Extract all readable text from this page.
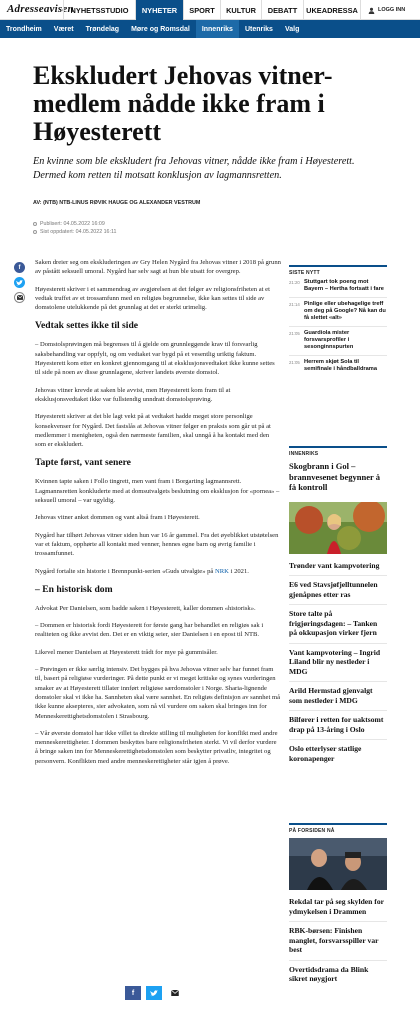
Adresseavisen
NYHETSSTUDIO	NYHETER	SPORT	KULTUR	DEBATT	UKEADRESSA	LOGG INN
Trondheim	Været	Trøndelag	Møre og Romsdal	Innenriks	Utenriks	Valg
Ekskludert Jehovas vitner-medlem nådde ikke fram i Høyesterett
En kvinne som ble ekskludert fra Jehovas vitner, nådde ikke fram i Høyesterett. Dermed kom retten til motsatt konklusjon av lagmannsretten.
AV: (NTB) NTB-LINUS RØVIK HAUGE OG ALEXANDER VESTRUM
Publisert: 04.05.2022 16:09
Sist oppdatert: 04.05.2022 16:11
f

Saken dreier seg om ekskluderingen av Gry Helen Nygård fra Jehovas vitner i 2018 på grunn av påstått seksuell umoral. Nygård har selv sagt at hun ble utsatt for overgrep.

Høyesterett skriver i et sammendrag av avgjørelsen at det følger av religionsfriheten at et vedtak truffet av et trossamfunn med en religiøs begrunnelse, ikke kan settes til side av domstolene utelukkende på det grunnlag at det er sterkt urimelig.

Vedtak settes ikke til side

– Domstolsprøvingen må begrenses til å gjelde om grunnleggende krav til forsvarlig saksbehandling var oppfylt, og om vedtaket var bygd på et vesentlig uriktig faktum. Høyesterett kom etter en konkret gjennomgang til at eksklusjonsvedtaket ikke kunne settes til side på noen av disse grunnlagene, skriver landets øverste domstol.

Jehovas vitner krevde at saken ble avvist, men Høyesterett kom fram til at eksklusjonsvedtaket ikke var fullstendig unndratt domstolsprøving.

Høyesterett skriver at det ble lagt vekt på at vedtaket hadde meget store personlige konsekvenser for Nygård. Det fastslås at Jehovas vitner følger en praksis som går ut på at medlemmer i menigheten, også den nærmeste familien, skal unngå å ha kontakt med den som er ekskludert.

Tapte først, vant senere

Kvinnen tapte saken i Follo tingrett, men vant fram i Borgarting lagmannsrett. Lagmannsretten konkluderte med at domsutvalgets beslutning om eksklusjon for «pornea» – seksuell umoral – var ugyldig.

Jehovas vitner anket dommen og vant altså fram i Høyesterett.

Nygård har tilhørt Jehovas vitner siden hun var 16 år gammel. Fra det øyeblikket utstøtelsen var et faktum, opphørte all kontakt med venner, hennes egne barn og øvrig familie i trossamfunnet.

Nygård fortalte sin historie i Brennpunkt-serien «Guds utvalgte» på NRK i 2021.

– En historisk dom

Advokat Per Danielsen, som badde saken i Høyesterett, kaller dommen «historisk».

– Dommen er historisk fordi Høyesterett for første gang har behandlet en religiøs sak i realiteten og ikke avvist den. Det er en viktig seier, sier Danielsen i en epost til NTB.

Likevel mener Danielsen at Høyesterett trådt for mye på gummisåler.

– Prøvingen er ikke særlig intensiv. Det bygges på hva Jehovas vitner selv har funnet fram til, basert på religiøse vurderinger. På dette punkt er vi meget kritiske og synes vurderingen smaker av at Høyesterett tillater innført religiøse særdomstoler i Norge. Sharia-lignende domstoler skal vi ikke ha. Sannheten skal være sannhet. En religiøs definisjon av sannhet må ikke kunne aksepteres, sier advokaten, som nå vil vurdere om saken skal bringes inn for Menneskerettighetsdomstolen i Strasbourg.

– Vår øverste domstol har ikke villet ta direkte stilling til muligheten for konflikt med andre menneskerettigheter. I dommen beskyttes bare religionsfriheten sterkt. Vi vil derfor vurdere å bringe saken inn for Menneskerettighetsdomstolen som beskytter privatliv, integritet og personvern. Konflikten med andre menneskerettigheter står igjen å prøve.

f
SISTE NYTT
21:20 Stuttgart tok poeng mot Bayern – Hertha fortsatt i fare
21:14 Pinlige eller ubehagelige treff om deg på Google? Nå kan du få slettet «alt»
21:05 Guardiola mister forsvarsprofiler i sesonginnspurten
21:05 Herrem skjøt Sola til semifinale i håndballdrama
INNENRIKS
Skogbrann i Gol – brannvesenet begynner å få kontroll
Trønder vant kampvotering
E6 ved Stavsjøfjelltunnelen gjenåpnes etter ras
Store talte på frigjøringsdagen: – Tanken på okkupasjon virker fjern
Vant kampvotering – Ingrid Liland blir ny nestleder i MDG
Arild Hermstad gjenvalgt som nestleder i MDG
Bilfører i retten for uaktsomt drap på 13-åring i Oslo
Oslo etterlyser statlige koronapenger
PÅ FORSIDEN NÅ
Rekdal tar på seg skylden for ydmykelsen i Drammen
RBK-børsen: Finishen manglet, forsvarsspiller var best
Overtidsdrama da Blink sikret nøygjort
